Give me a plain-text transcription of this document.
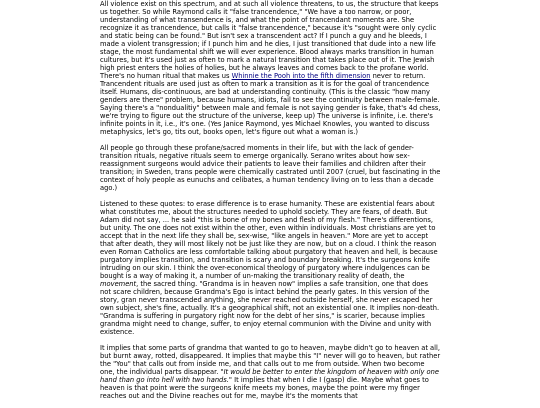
All violence exist on this spectrum, and at such all violence threatens, to us, the structure that keeps us together. So while Raymond calls it "false trancendence," "We have a too narrow, or poor, understanding of what transendence is, and what the point of trancendant moments are. She recognize it as trancendence, but calls it "false trancendence," because it's "sought were only cyclic and static being can be found." But isn't sex a transcendent act? If I punch a guy and he bleeds, I made a violent transgression; if I punch him and he dies, I just transitioned that dude into a new life stage, the most fundamental shift we will ever experience. Blood always marks transition in human cultures, but it's used just as often to mark a natural transition that takes place out of it. The Jewish high priest enters the holies of holies, but he always leaves and comes back to the profane world. There's no human ritual that makes us Whinnie the Pooh into the fifth dimension never to return. Trancendent rituals are used just as often to mark a transition as it is for the goal of trancendence itself. Humans, dis-continuous, are bad at understanding continuity. (This is the classic "how many genders are there" problem, because humans, idiots, fail to see the continuity between male-female. Saying there's a "nondualitiy" between male and female is not saying gender is fake, that's 4d chess, we're trying to figure out the structure of the universe, keep up) The universe is infinite, i.e. there's infinite points in it, i.e., it's one. (Yes Janice Raymond, yes Michael Knowles, you wanted to discuss metaphysics, let's go, tits out, books open, let's figure out what a woman is.)

All people go through these profane/sacred moments in their life, but with the lack of gender-transition rituals, negative rituals seem to emerge organically. Serano writes about how sex-reassignment surgeons would advice their patients to leave their families and children after their transition; in Sweden, trans people were chemically castrated until 2007 (cruel, but fascinating in the context of holy people as eunuchs and celibates, a human tendency living on to less than a decade ago.)

Listened to these quotes: to erase difference is to erase humanity. These are existential fears about what constitutes me, about the structures needed to uphold society. They are fears, of death. But Adam did not say, ... he said "this is bone of my bones and flesh of my flesh." There's differentions, but unity. The one does not exist within the other, even within individuals. Most christians are yet to accept that in the next life they shall be, sex-wise, "like angels in heaven." More are yet to accept that after death, they will most likely not be just like they are now, but on a cloud. I think the reason even Roman Catholics are less comfortable talking about purgatory that heaven and hell, is because purgatory implies transition, and transition is scary and boundary breaking. It's the surgeons knife intruding on our skin. I think the over-economical theology of purgatory where indulgences can be bought is a way of making it, a number of un-making the transitionary reality of death, the movement, the sacred thing. "Grandma is in heaven now" implies a safe transition, one that does not scare children, because Grandma's Ego is intact behind the pearly gates. In this version of the story, gran never transcended anything, she never reached outside herself, she never escaped her own subject, she's fine, actually. It's a geographical shift, not an existential one. It implies non-death. "Grandma is suffering in purgatory right now for the debt of her sins," is scarier, because implies grandma might need to change, suffer, to enjoy eternal communion with the Divine and unity with existence.

It implies that some parts of grandma that wanted to go to heaven, maybe didn't go to heaven at all, but burnt away, rotted, disappeared. It implies that maybe this "I" never will go to heaven, but rather the "You" that calls out from inside me, and that calls out to me from outside. When two become one, the individual parts disappear. "It would be better to enter the kingdom of heaven with only one hand than go into hell with two hands." It implies that when I die I (gasp) die. Maybe what goes to heaven is that point were the surgeons knife meets my bones, maybe the point were my finger reaches out and the Divine reaches out for me, maybe it's the moments that
